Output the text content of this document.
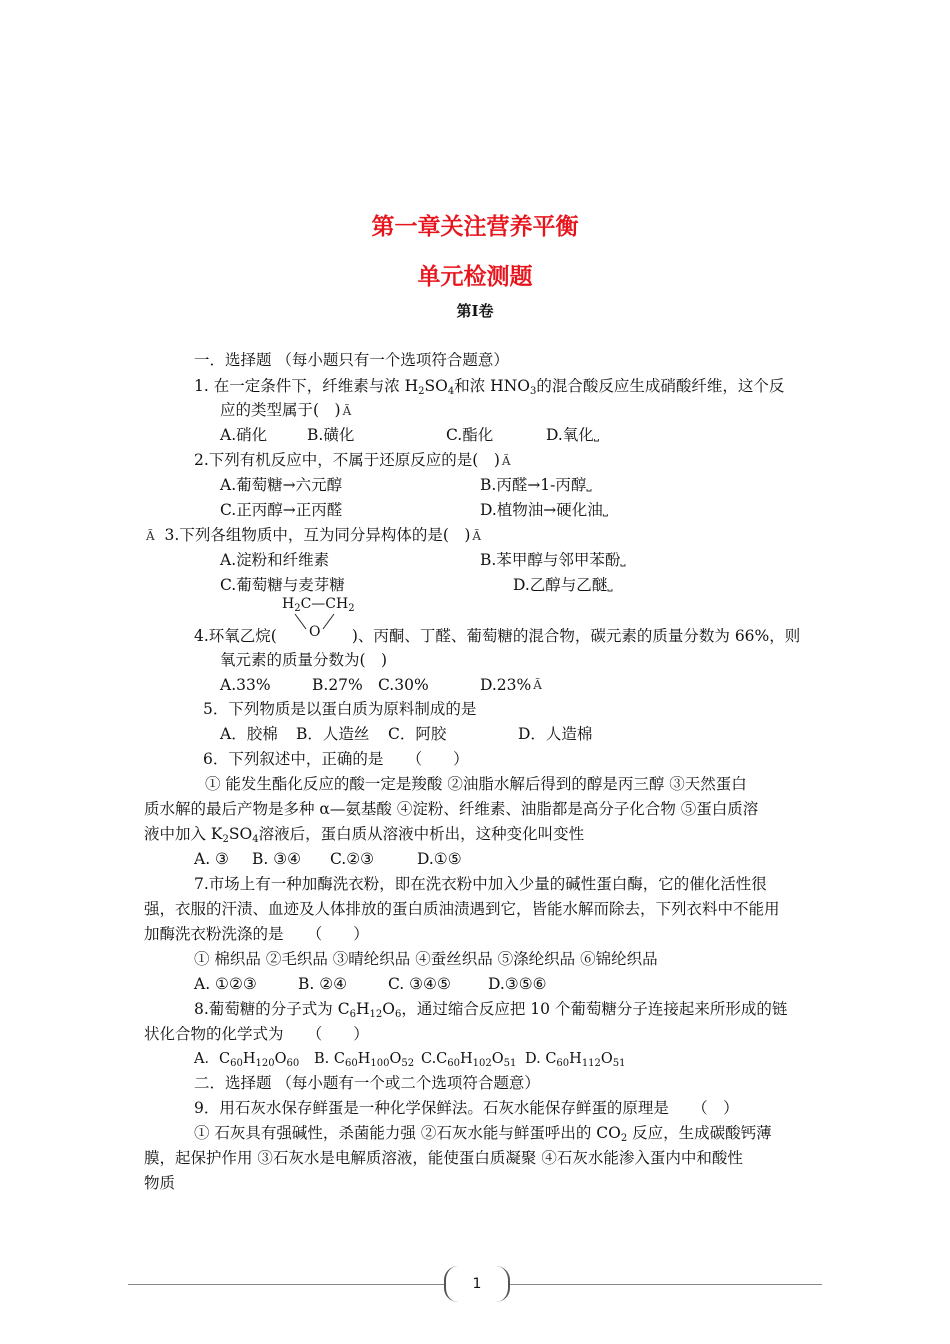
第一章关注营养平衡
单元检测题
第Ⅰ卷
一．选择题 （每小题只有一个选项符合题意）
1. 在一定条件下，纤维素与浓 $H_2SO_4$和浓 $HNO_3$的混合酸反应生成硝酸纤维，这个反
应的类型属于(　) Ã
A.硝化	B.磺化	C.酯化	D.氧化 ⎵
2.下列有机反应中，不属于还原反应的是(　) Ã
A.葡萄糖→六元醇	B.丙醛→1-丙醇 ⎵
C.正丙醇→正丙醛	D.植物油→硬化油 ⎵
Ã 3.下列各组物质中，互为同分异构体的是(　) Ã
A.淀粉和纤维素	B.苯甲醇与邻甲苯酚 ⎵
C.葡萄糖与麦芽糖	D.乙醇与乙醚 ⎵
$H_2C—CH_2$
O
4.环氧乙烷(	)、丙酮、丁醛、葡萄糖的混合物，碳元素的质量分数为 66%，则
氧元素的质量分数为(　)
A.33%	B.27% C.30%	D.23% Ã
5．下列物质是以蛋白质为原料制成的是
A．胶棉 B．人造丝 C．阿胶	D．人造棉
6．下列叙述中，正确的是　　（　　）
① 能发生酯化反应的酸一定是羧酸 ②油脂水解后得到的醇是丙三醇 ③天然蛋白
质水解的最后产物是多种 α—氨基酸 ④淀粉、纤维素、油脂都是高分子化合物 ⑤蛋白质溶
液中加入 $K_2SO_4$溶液后，蛋白质从溶液中析出，这种变化叫变性
A. ③ B. ③④ C.②③	D.①⑤
7.市场上有一种加酶洗衣粉，即在洗衣粉中加入少量的碱性蛋白酶，它的催化活性很
强，衣服的汗渍、血迹及人体排放的蛋白质油渍遇到它，皆能水解而除去，下列衣料中不能用
加酶洗衣粉洗涤的是　　（　　）
① 棉织品 ②毛织品 ③晴纶织品 ④蚕丝织品 ⑤涤纶织品 ⑥锦纶织品
A. ①②③	B. ②④	C. ③④⑤ D.③⑤⑥
8.葡萄糖的分子式为 $C_6H_{12}O_6$，通过缩合反应把 10 个葡萄糖分子连接起来所形成的链
状化合物的化学式为　　（　　）
A．$C_{60}H_{120}O_{60}$ B. $C_{60}H_{100}O_{52}$ $C.C_{60}H_{102}O_{51}$ D. $C_{60}H_{112}O_{51}$
二．选择题 （每小题有一个或二个选项符合题意）
9．用石灰水保存鲜蛋是一种化学保鲜法。石灰水能保存鲜蛋的原理是　　（　）
① 石灰具有强碱性，杀菌能力强 ②石灰水能与鲜蛋呼出的 $CO_2$ 反应，生成碳酸钙薄
膜，起保护作用 ③石灰水是电解质溶液，能使蛋白质凝聚 ④石灰水能渗入蛋内中和酸性
物质
1
